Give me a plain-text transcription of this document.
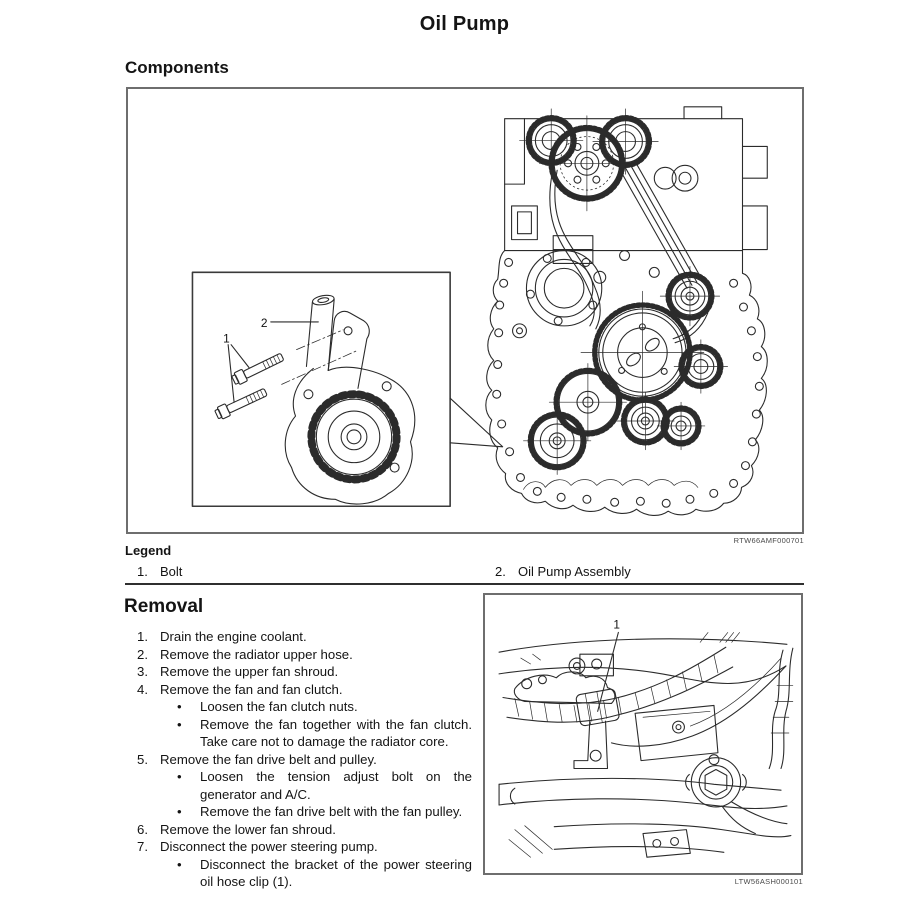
Oil Pump
Components
2
1
RTW66AMF000701
Legend
1. Bolt	2. Oil Pump Assembly
Removal
1. Drain the engine coolant.
2. Remove the radiator upper hose.
3. Remove the upper fan shroud.
4. Remove the fan and fan clutch.
•	Loosen the fan clutch nuts.
•	Remove the fan together with the fan clutch. Take care not to damage the radiator core.
5. Remove the fan drive belt and pulley.
•	Loosen the tension adjust bolt on the generator and A/C.
•	Remove the fan drive belt with the fan pulley.
6. Remove the lower fan shroud.
7. Disconnect the power steering pump.
•	Disconnect the bracket of the power steering oil hose clip (1).
1
LTW56ASH000101
